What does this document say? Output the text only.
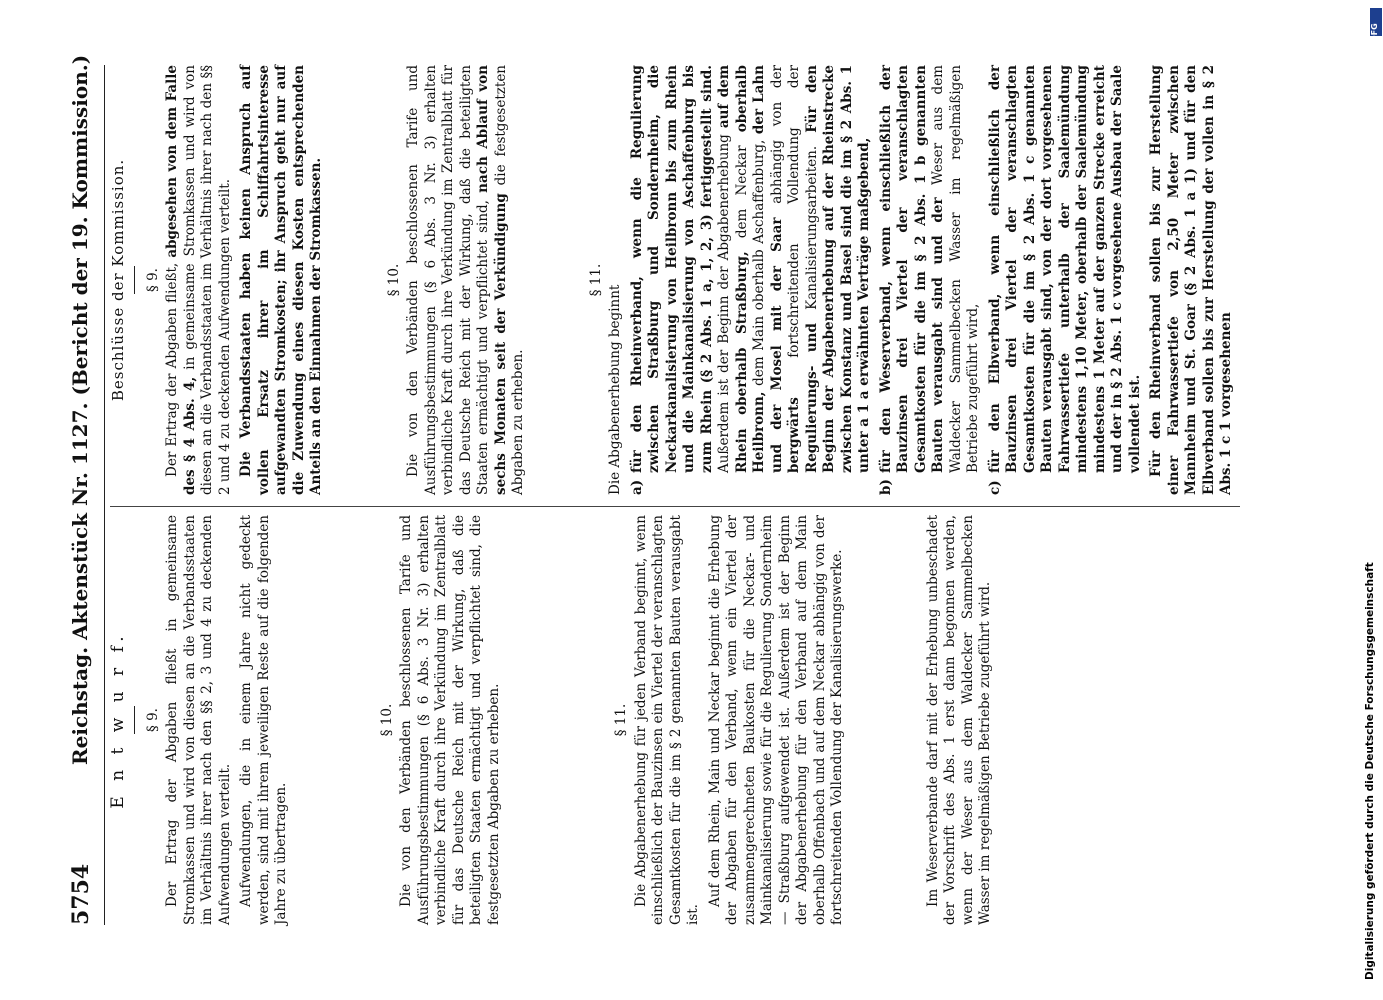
5754
Reichstag. Aktenstück Nr. 1127. (Bericht der 19. Kommission.) E n t w u r f. § 9. Der Ertrag der Abgaben fließt in gemeinsame Stromkassen und wird von diesen an die Verbandsstaaten im Verhältnis ihrer nach den §§ 2, 3 und 4 zu deckenden Aufwendungen verteilt. Aufwendungen, die in einem Jahre nicht gedeckt werden, sind mit ihrem jeweiligen Reste auf die folgenden Jahre zu übertragen.

§ 10. Die von den Verbänden beschlossenen Tarife und Ausführungsbestimmungen (§ 6 Abs. 3 Nr. 3) erhalten verbindliche Kraft durch ihre Verkündung im Zentralblatt für das Deutsche Reich mit der Wirkung, daß die beteiligten Staaten ermächtigt und verpflichtet sind, die festgesetzten Abgaben zu erheben.	§ 11. Die Abgabenerhebung für jeden Verband beginnt, wenn einschließlich der Bauzinsen ein Viertel der veranschlagten Gesamtkosten für die im § 2 genannten Bauten verausgabt ist.

Auf dem Rhein, Main und Neckar beginnt die Erhebung der Abgaben für den Verband, wenn ein Viertel der zusammengerechneten Baukosten für die Neckar- und Mainkanalisierung sowie für die Regulierung Sondernheim — Straßburg aufgewendet ist. Außerdem ist der Beginn der Abgabenerhebung für den Verband auf dem Main oberhalb Offenbach und auf dem Neckar abhängig von der fortschreitenden Vollendung der Kanalisierungswerke.	Im Weserverbande darf mit der Erhebung unbeschadet der Vorschrift des Abs. 1 erst dann begonnen werden, wenn der Weser aus dem Waldecker Sammelbecken Wasser im regelmäßigen Betriebe zugeführt wird.

Beschlüsse der Kommission. § 9. Der Ertrag der Abgaben fließt, abgesehen von dem Falle des § 4 Abs. 4, in gemeinsame Stromkassen und wird von diesen an die Verbandsstaaten im Verhältnis ihrer nach den §§ 2 und 4 zu deckenden Aufwendungen verteilt. Die Verbandsstaaten haben keinen Anspruch auf vollen Ersatz ihrer im Schiffahrtsinteresse aufgewandten Stromkosten; ihr Anspruch geht nur auf die Zuwendung eines diesen Kosten entsprechenden Anteils an den Einnahmen der Stromkassen.	§ 10. Die von den Verbänden beschlossenen Tarife und Ausführungsbestimmungen (§ 6 Abs. 3 Nr. 3) erhalten verbindliche Kraft durch ihre Verkündung im Zentralblatt für das Deutsche Reich mit der Wirkung, daß die beteiligten Staaten ermächtigt und verpflichtet sind, nach Ablauf von sechs Monaten seit der Verkündigung die festgesetzten Abgaben zu erheben.

§ 11.

Die Abgabenerhebung beginnt a)
für den Rheinverband, wenn die Regulierung zwischen Straßburg und Sondernheim, die Neckarkanalisierung von Heilbronn bis zum Rhein und die Mainkanalisierung von Aschaffenburg bis zum Rhein (§ 2 Abs. 1 a, 1, 2, 3) fertiggestellt sind. Außerdem ist der Beginn der Abgabenerhebung auf dem Rhein oberhalb Straßburg, dem Neckar oberhalb Heilbronn, dem Main oberhalb Aschaffenburg, der Lahn und der Mosel mit der Saar abhängig von der bergwärts fortschreitenden Vollendung der Regulierungs- und Kanalisierungsarbeiten. Für den Beginn der Abgabenerhebung auf der Rheinstrecke zwischen Konstanz und Basel sind die im § 2 Abs. 1 unter a 1 a erwähnten Verträge maßgebend,
b)
für den Weserverband, wenn einschließlich der Bauzinsen drei Viertel der veranschlagten Gesamtkosten für die im § 2 Abs. 1 b genannten Bauten verausgabt sind und der Weser aus dem Waldecker Sammelbecken Wasser im regelmäßigen Betriebe zugeführt wird,
c)
für den Elbverband, wenn einschließlich der Bauzinsen drei Viertel der veranschlagten Gesamtkosten für die im § 2 Abs. 1 c genannten Bauten verausgabt sind, von der dort vorgesehenen Fahrwassertiefe unterhalb der Saalemündung mindestens 1,10 Meter, oberhalb der Saalemündung mindestens 1 Meter auf der ganzen Strecke erreicht und der in § 2 Abs. 1 c vorgesehene Ausbau der Saale vollendet ist. Für den Rheinverband sollen bis zur Herstellung einer Fahrwassertiefe von 2,50 Meter zwischen Mannheim und St. Goar (§ 2 Abs. 1 a 1) und für den Elbverband sollen bis zur Herstellung der vollen in § 2 Abs. 1 c 1 vorgesehenen

DFG
Digitalisierung gefördert durch die Deutsche Forschungsgemeinschaft
